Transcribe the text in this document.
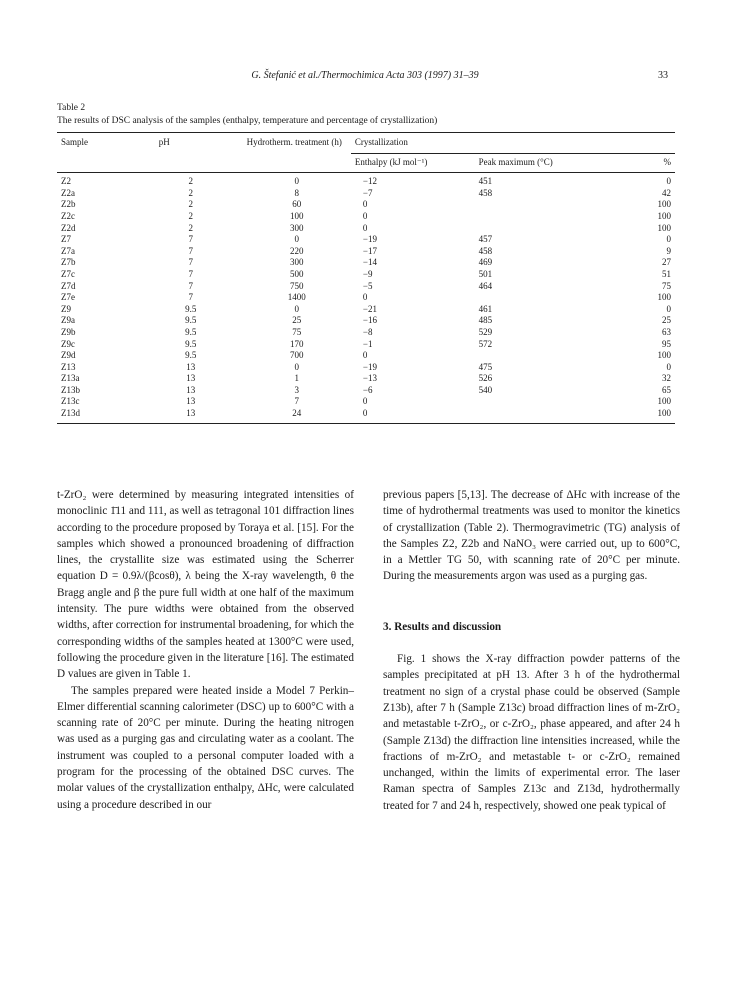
G. Štefanić et al./Thermochimica Acta 303 (1997) 31–39	33
Table 2
The results of DSC analysis of the samples (enthalpy, temperature and percentage of crystallization)
Sample	pH	Hydrotherm. treatment (h)	Crystallization		
			Enthalpy (kJ mol⁻¹)	Peak maximum (°C)	%
Z2	2	0	−12	451	0
Z2a	2	8	−7	458	42
Z2b	2	60	0		100
Z2c	2	100	0		100
Z2d	2	300	0		100
Z7	7	0	−19	457	0
Z7a	7	220	−17	458	9
Z7b	7	300	−14	469	27
Z7c	7	500	−9	501	51
Z7d	7	750	−5	464	75
Z7e	7	1400	0		100
Z9	9.5	0	−21	461	0
Z9a	9.5	25	−16	485	25
Z9b	9.5	75	−8	529	63
Z9c	9.5	170	−1	572	95
Z9d	9.5	700	0		100
Z13	13	0	−19	475	0
Z13a	13	1	−13	526	32
Z13b	13	3	−6	540	65
Z13c	13	7	0		100
Z13d	13	24	0		100

t-ZrO₂ were determined by measuring integrated intensities of monoclinic 1̄11 and 111, as well as tetragonal 101 diffraction lines according to the procedure proposed by Toraya et al. [15]. For the samples which showed a pronounced broadening of diffraction lines, the crystallite size was estimated using the Scherrer equation D = 0.9λ/(βcosθ), λ being the X-ray wavelength, θ the Bragg angle and β the pure full width at one half of the maximum intensity. The pure widths were obtained from the observed widths, after correction for instrumental broadening, for which the corresponding widths of the samples heated at 1300°C were used, following the procedure given in the literature [16]. The estimated D values are given in Table 1.

The samples prepared were heated inside a Model 7 Perkin–Elmer differential scanning calorimeter (DSC) up to 600°C with a scanning rate of 20°C per minute. During the heating nitrogen was used as a purging gas and circulating water as a coolant. The instrument was coupled to a personal computer loaded with a program for the processing of the obtained DSC curves. The molar values of the crystallization enthalpy, ΔHc, were calculated using a procedure described in our

previous papers [5,13]. The decrease of ΔHc with increase of the time of hydrothermal treatments was used to monitor the kinetics of crystallization (Table 2). Thermogravimetric (TG) analysis of the Samples Z2, Z2b and NaNO₃ were carried out, up to 600°C, in a Mettler TG 50, with scanning rate of 20°C per minute. During the measurements argon was used as a purging gas.

3. Results and discussion

Fig. 1 shows the X-ray diffraction powder patterns of the samples precipitated at pH 13. After 3 h of the hydrothermal treatment no sign of a crystal phase could be observed (Sample Z13b), after 7 h (Sample Z13c) broad diffraction lines of m-ZrO₂ and metastable t-ZrO₂, or c-ZrO₂, phase appeared, and after 24 h (Sample Z13d) the diffraction line intensities increased, while the fractions of m-ZrO₂ and metastable t- or c-ZrO₂ remained unchanged, within the limits of experimental error. The laser Raman spectra of Samples Z13c and Z13d, hydrothermally treated for 7 and 24 h, respectively, showed one peak typical of
